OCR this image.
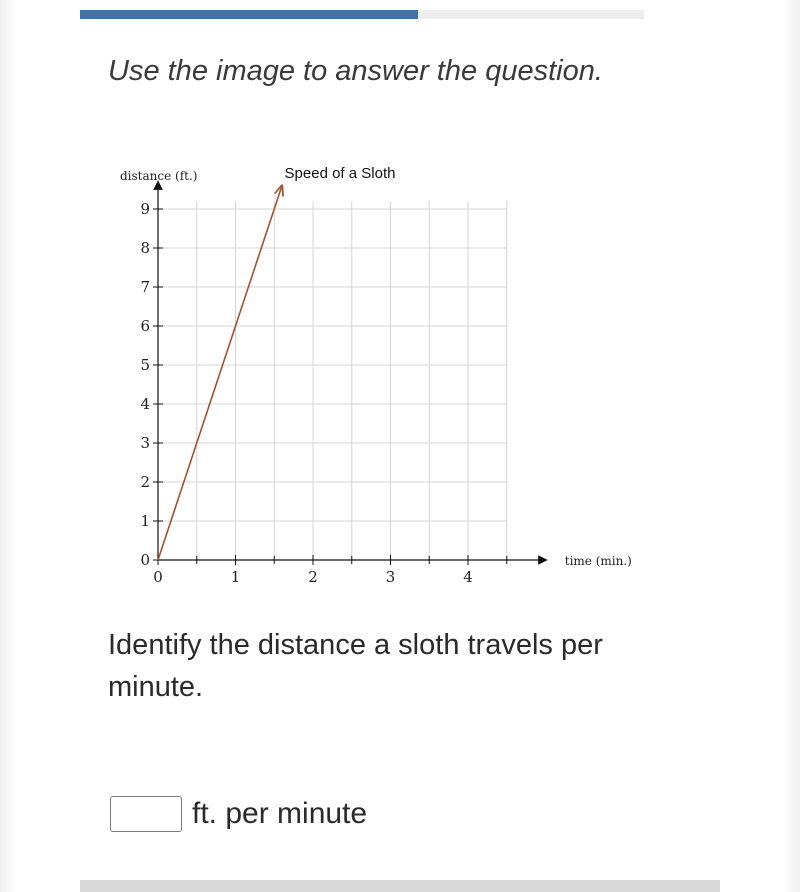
Use the image to answer the question.
0	1	2	3	4
0
1
2
3
4
5
6
7
8
9
distance (ft.)
time (min.)
Speed of a Sloth

Identify the distance a sloth travels per minute.

ft. per minute
